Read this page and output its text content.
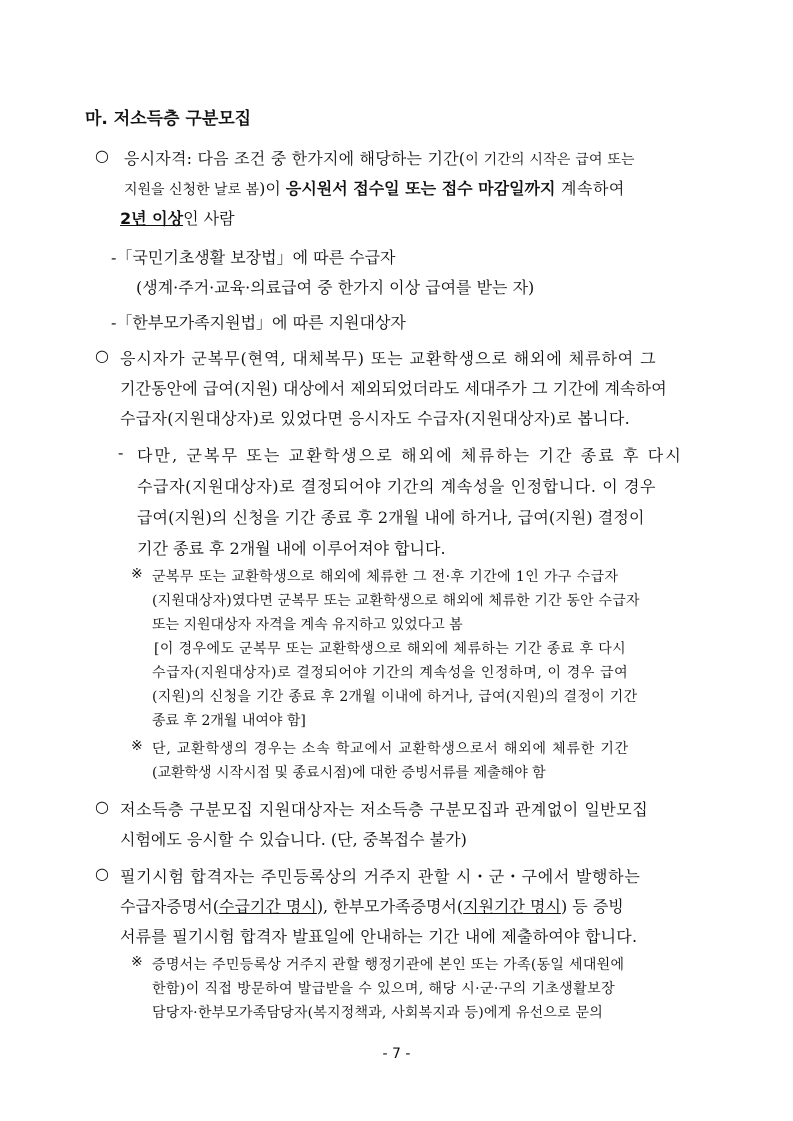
마. 저소득층 구분모집
○ 응시자격: 다음 조건 중 한가지에 해당하는 기간(이 기간의 시작은 급여 또는
지원을 신청한 날로 봄)이 응시원서 접수일 또는 접수 마감일까지 계속하여
2년 이상인 사람
-「국민기초생활 보장법」에 따른 수급자
(생계·주거·교육·의료급여 중 한가지 이상 급여를 받는 자)
-「한부모가족지원법」에 따른 지원대상자
○ 응시자가 군복무(현역, 대체복무) 또는 교환학생으로 해외에 체류하여 그
기간동안에 급여(지원) 대상에서 제외되었더라도 세대주가 그 기간에 계속하여
수급자(지원대상자)로 있었다면 응시자도 수급자(지원대상자)로 봅니다.
- 다만, 군복무 또는 교환학생으로 해외에 체류하는 기간 종료 후 다시
수급자(지원대상자)로 결정되어야 기간의 계속성을 인정합니다. 이 경우
급여(지원)의 신청을 기간 종료 후 2개월 내에 하거나, 급여(지원) 결정이
기간 종료 후 2개월 내에 이루어져야 합니다.
※ 군복무 또는 교환학생으로 해외에 체류한 그 전·후 기간에 1인 가구 수급자
(지원대상자)였다면 군복무 또는 교환학생으로 해외에 체류한 기간 동안 수급자
또는 지원대상자 자격을 계속 유지하고 있었다고 봄
[이 경우에도 군복무 또는 교환학생으로 해외에 체류하는 기간 종료 후 다시
수급자(지원대상자)로 결정되어야 기간의 계속성을 인정하며, 이 경우 급여
(지원)의 신청을 기간 종료 후 2개월 이내에 하거나, 급여(지원)의 결정이 기간
종료 후 2개월 내여야 함]
※ 단, 교환학생의 경우는 소속 학교에서 교환학생으로서 해외에 체류한 기간
(교환학생 시작시점 및 종료시점)에 대한 증빙서류를 제출해야 함
○ 저소득층 구분모집 지원대상자는 저소득층 구분모집과 관계없이 일반모집
시험에도 응시할 수 있습니다. (단, 중복접수 불가)
○ 필기시험 합격자는 주민등록상의 거주지 관할 시・군・구에서 발행하는
수급자증명서(수급기간 명시), 한부모가족증명서(지원기간 명시) 등 증빙
서류를 필기시험 합격자 발표일에 안내하는 기간 내에 제출하여야 합니다.
※ 증명서는 주민등록상 거주지 관할 행정기관에 본인 또는 가족(동일 세대원에
한함)이 직접 방문하여 발급받을 수 있으며, 해당 시·군·구의 기초생활보장
담당자·한부모가족담당자(복지정책과, 사회복지과 등)에게 유선으로 문의
- 7 -
